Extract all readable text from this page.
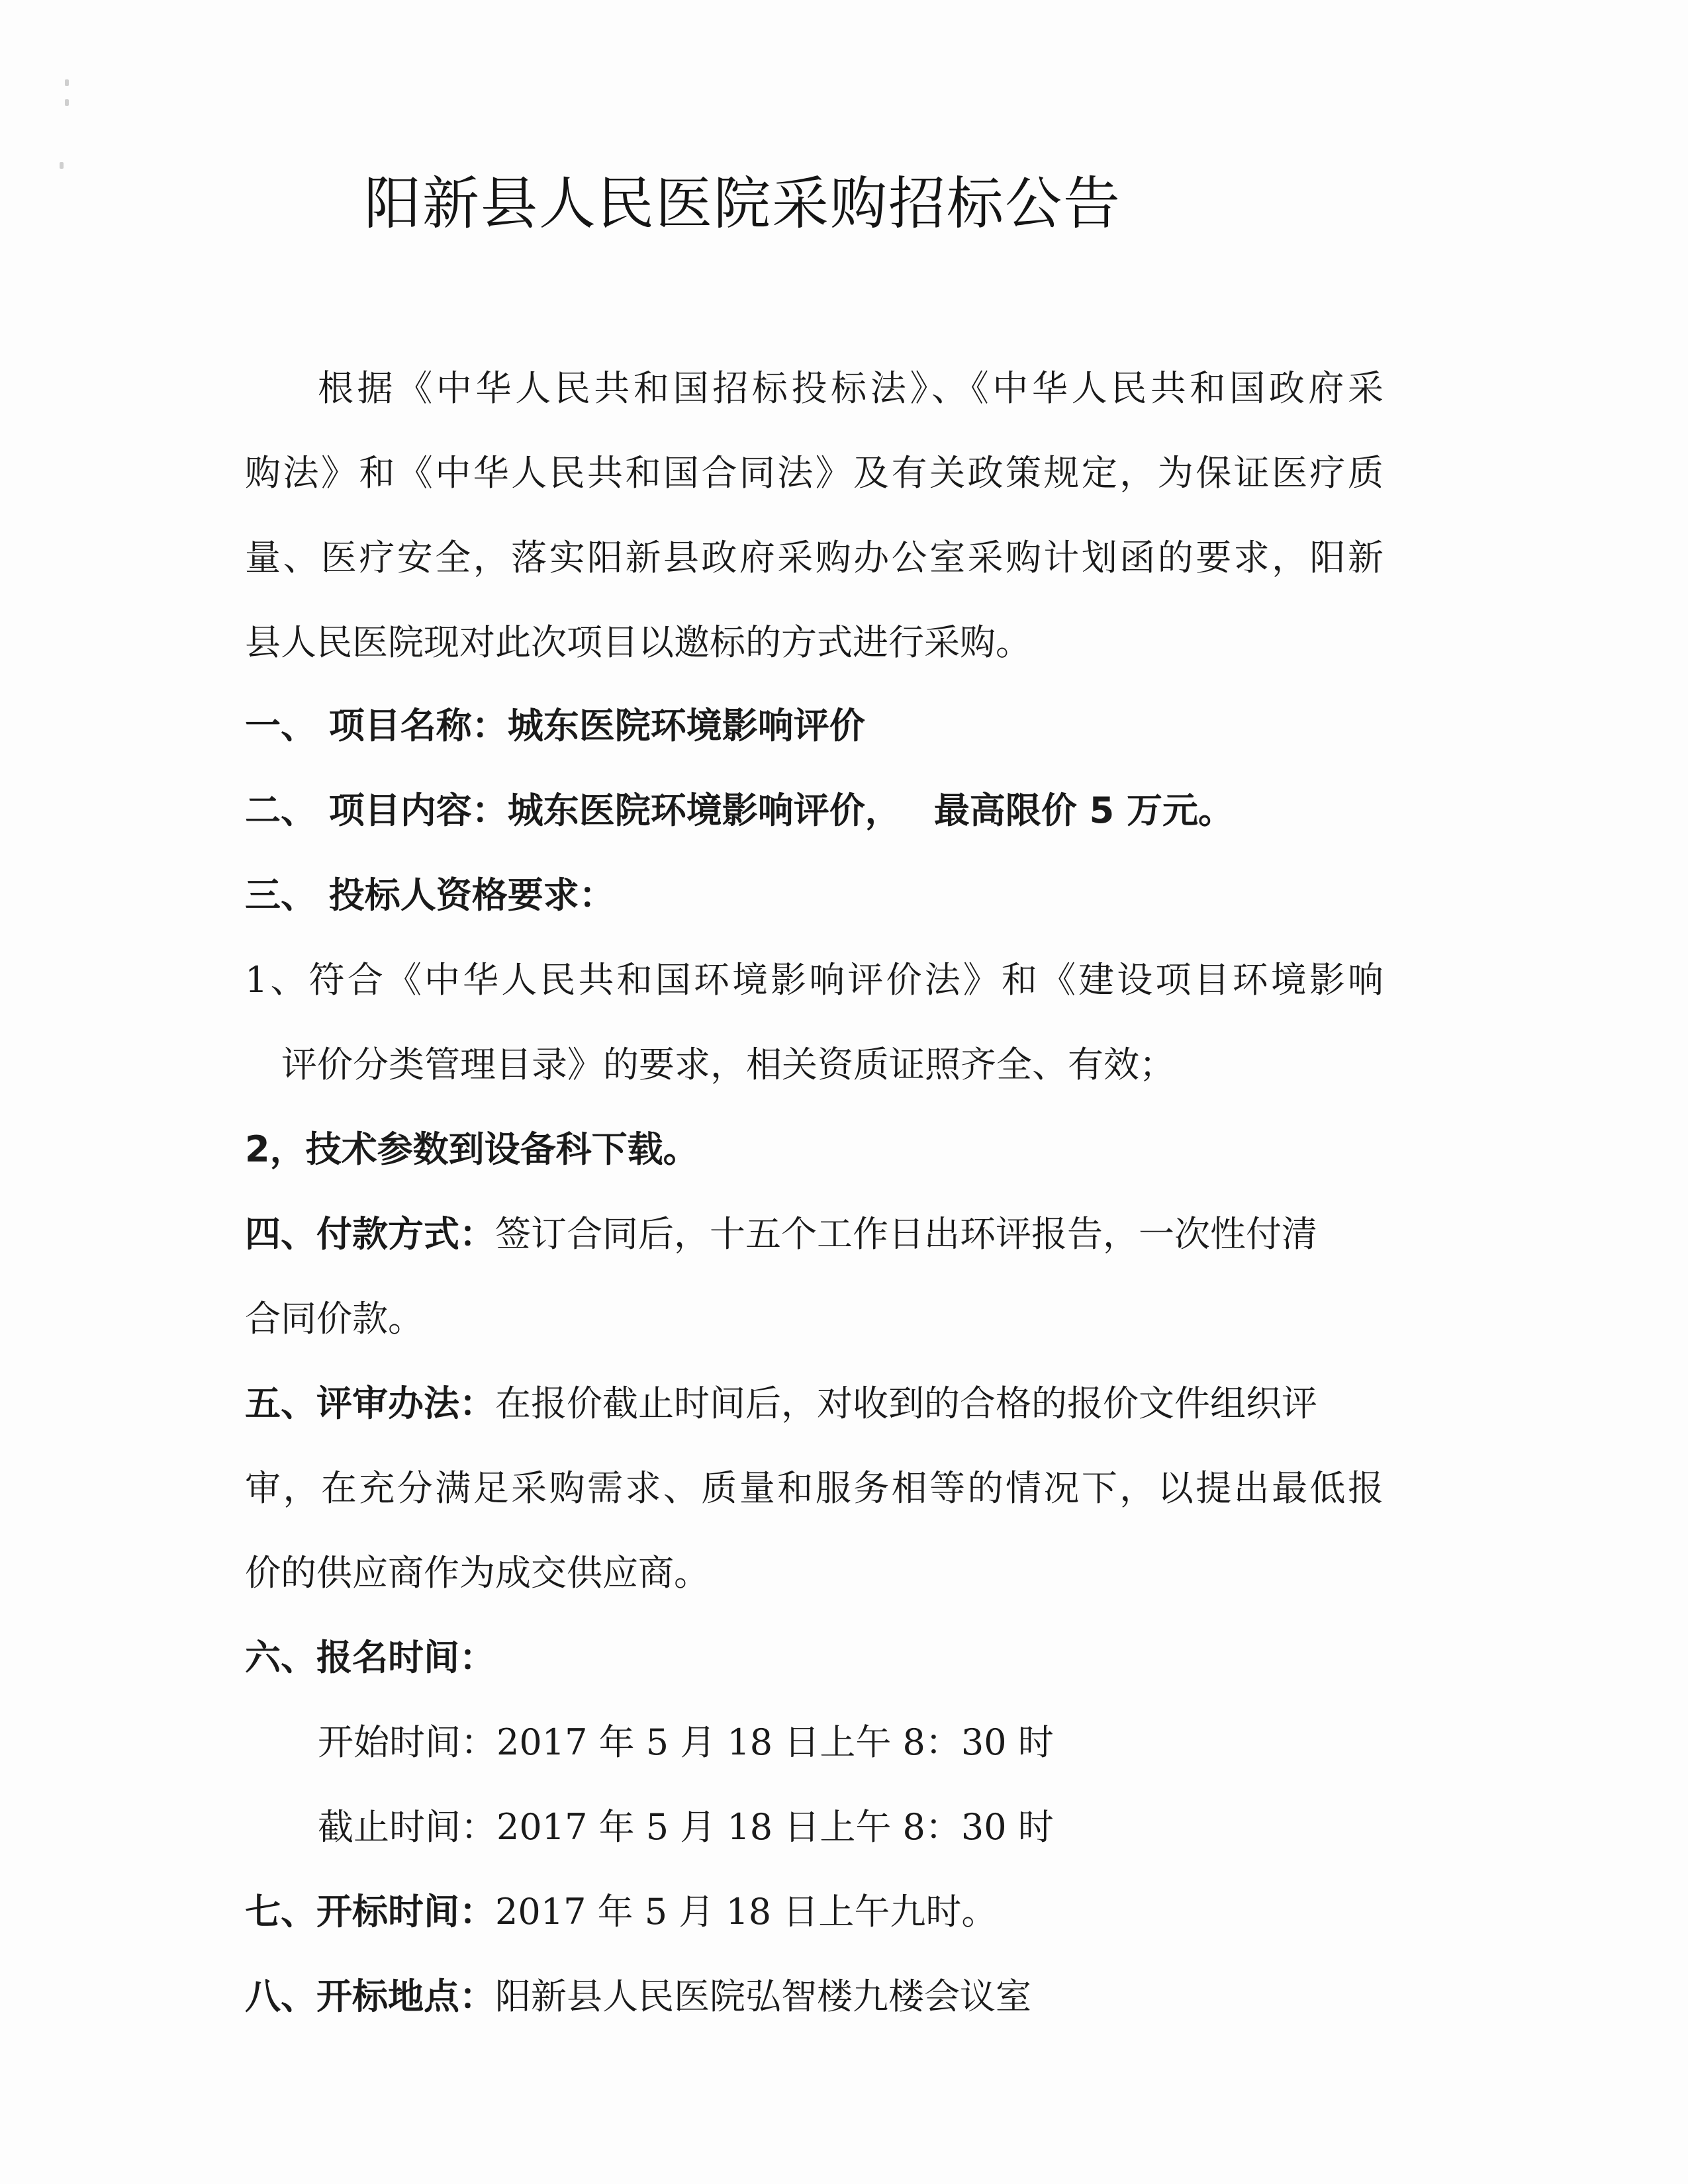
阳新县人民医院采购招标公告
根据《中华人民共和国招标投标法》、《中华人民共和国政府采
购法》和《中华人民共和国合同法》及有关政策规定，为保证医疗质
量、医疗安全，落实阳新县政府采购办公室采购计划函的要求，阳新
县人民医院现对此次项目以邀标的方式进行采购。
一、 项目名称：城东医院环境影响评价
二、 项目内容：城东医院环境影响评价， 最高限价 5 万元。
三、 投标人资格要求：
1、符合《中华人民共和国环境影响评价法》和《建设项目环境影响
评价分类管理目录》的要求，相关资质证照齐全、有效；
2，技术参数到设备科下载。
四、付款方式：签订合同后，十五个工作日出环评报告，一次性付清
合同价款。
五、评审办法：在报价截止时间后，对收到的合格的报价文件组织评
审，在充分满足采购需求、质量和服务相等的情况下，以提出最低报
价的供应商作为成交供应商。
六、报名时间：
开始时间：2017 年 5 月 18 日上午 8：30 时
截止时间：2017 年 5 月 18 日上午 8：30 时
七、开标时间：2017 年 5 月 18 日上午九时。
八、开标地点：阳新县人民医院弘智楼九楼会议室
